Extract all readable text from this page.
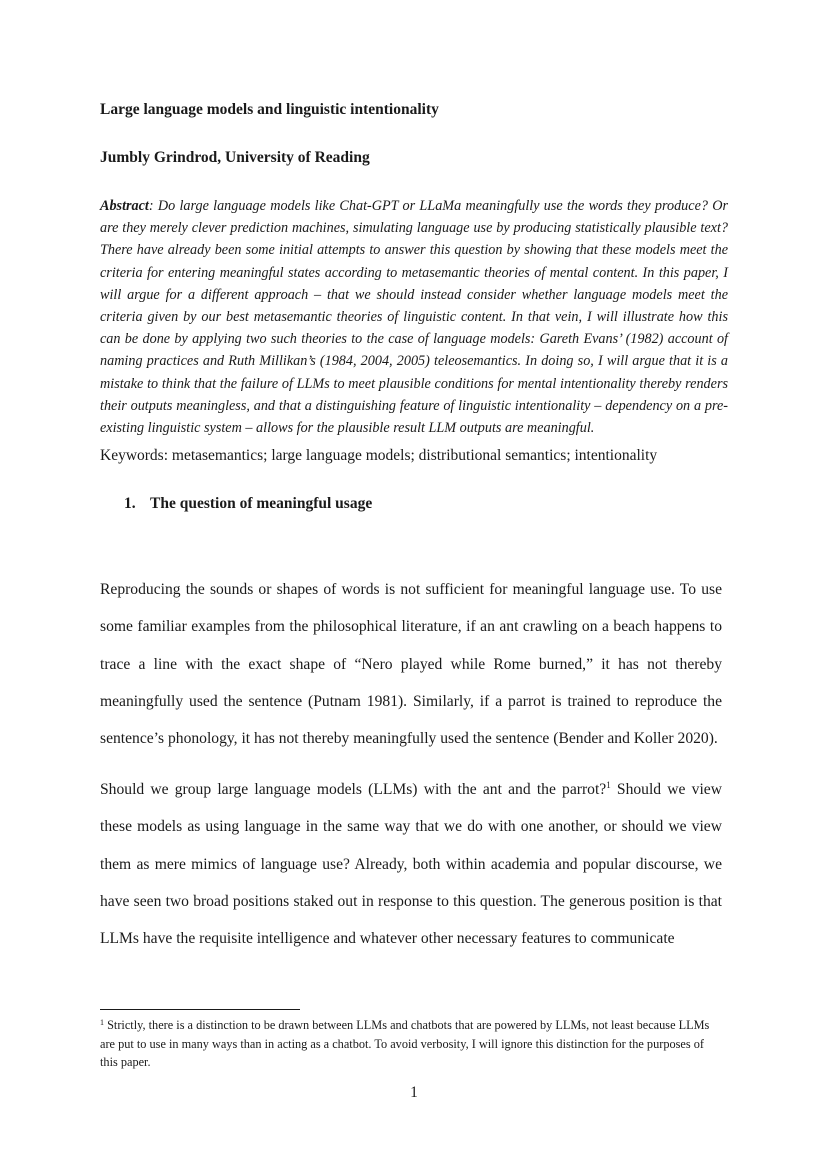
Large language models and linguistic intentionality
Jumbly Grindrod, University of Reading

Abstract: Do large language models like Chat-GPT or LLaMa meaningfully use the words they produce? Or are they merely clever prediction machines, simulating language use by producing statistically plausible text? There have already been some initial attempts to answer this question by showing that these models meet the criteria for entering meaningful states according to metasemantic theories of mental content. In this paper, I will argue for a different approach – that we should instead consider whether language models meet the criteria given by our best metasemantic theories of linguistic content. In that vein, I will illustrate how this can be done by applying two such theories to the case of language models: Gareth Evans’ (1982) account of naming practices and Ruth Millikan’s (1984, 2004, 2005) teleosemantics. In doing so, I will argue that it is a mistake to think that the failure of LLMs to meet plausible conditions for mental intentionality thereby renders their outputs meaningless, and that a distinguishing feature of linguistic intentionality – dependency on a pre-existing linguistic system – allows for the plausible result LLM outputs are meaningful.

Keywords: metasemantics; large language models; distributional semantics; intentionality
1. The question of meaningful usage

Reproducing the sounds or shapes of words is not sufficient for meaningful language use. To use some familiar examples from the philosophical literature, if an ant crawling on a beach happens to trace a line with the exact shape of “Nero played while Rome burned,” it has not thereby meaningfully used the sentence (Putnam 1981). Similarly, if a parrot is trained to reproduce the sentence’s phonology, it has not thereby meaningfully used the sentence (Bender and Koller 2020).

Should we group large language models (LLMs) with the ant and the parrot?$^1$ Should we view these models as using language in the same way that we do with one another, or should we view them as mere mimics of language use? Already, both within academia and popular discourse, we have seen two broad positions staked out in response to this question. The generous position is that LLMs have the requisite intelligence and whatever other necessary features to communicate

$^1$ Strictly, there is a distinction to be drawn between LLMs and chatbots that are powered by LLMs, not least because LLMs are put to use in many ways than in acting as a chatbot. To avoid verbosity, I will ignore this distinction for the purposes of this paper.

1
